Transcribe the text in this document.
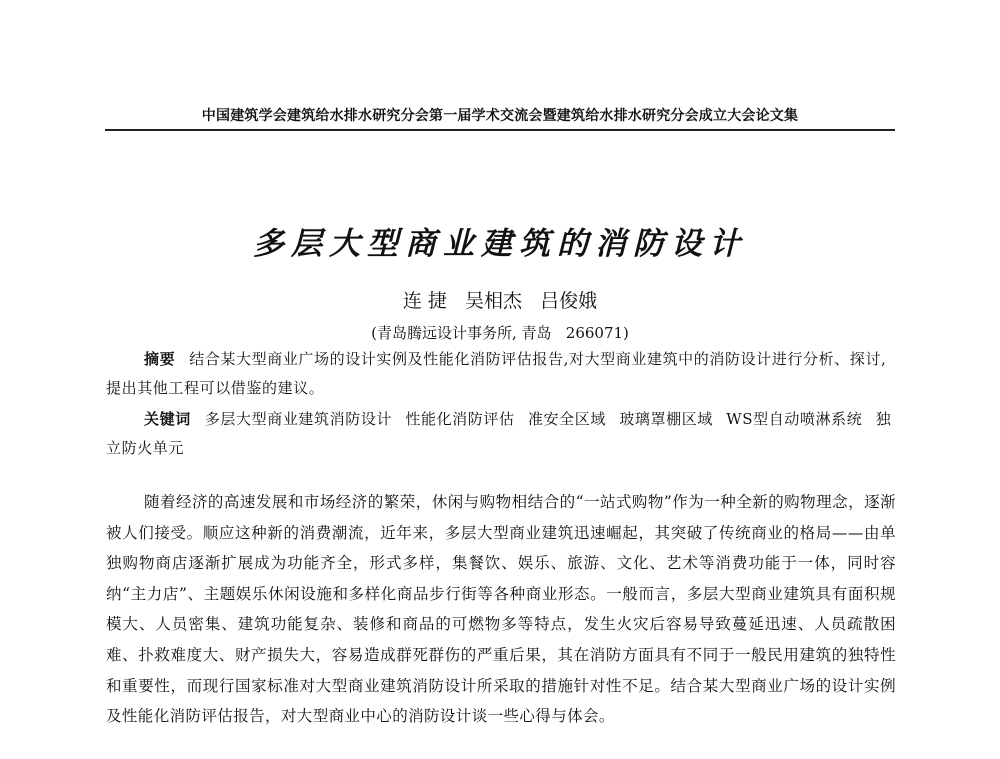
中国建筑学会建筑给水排水研究分会第一届学术交流会暨建筑给水排水研究分会成立大会论文集
多层大型商业建筑的消防设计
连 捷   吴相杰   吕俊娥
(青岛腾远设计事务所, 青岛   266071)
摘要 结合某大型商业广场的设计实例及性能化消防评估报告,对大型商业建筑中的消防设计进行分析、探讨,提出其他工程可以借鉴的建议。
关键词 多层大型商业建筑消防设计 性能化消防评估 准安全区域 玻璃罩棚区域 WS型自动喷淋系统 独立防火单元
随着经济的高速发展和市场经济的繁荣，休闲与购物相结合的“一站式购物”作为一种全新的购物理念，逐渐被人们接受。顺应这种新的消费潮流，近年来，多层大型商业建筑迅速崛起，其突破了传统商业的格局——由单独购物商店逐渐扩展成为功能齐全，形式多样，集餐饮、娱乐、旅游、文化、艺术等消费功能于一体，同时容纳“主力店”、主题娱乐休闲设施和多样化商品步行街等各种商业形态。一般而言，多层大型商业建筑具有面积规模大、人员密集、建筑功能复杂、装修和商品的可燃物多等特点，发生火灾后容易导致蔓延迅速、人员疏散困难、扑救难度大、财产损失大，容易造成群死群伤的严重后果，其在消防方面具有不同于一般民用建筑的独特性和重要性，而现行国家标准对大型商业建筑消防设计所采取的措施针对性不足。结合某大型商业广场的设计实例及性能化消防评估报告，对大型商业中心的消防设计谈一些心得与体会。
